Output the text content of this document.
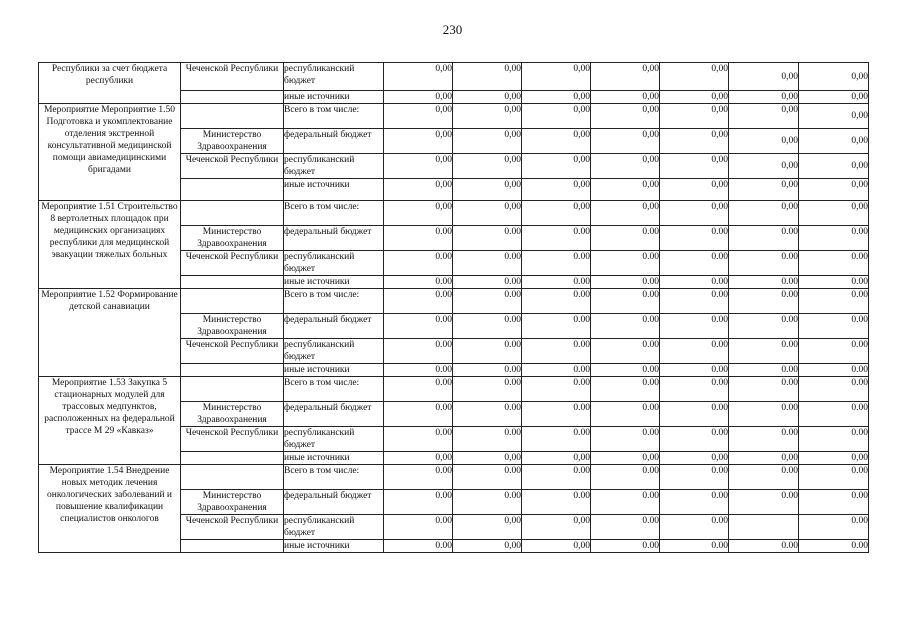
230
Республики за счет бюджета республики	Чеченской Республики	республиканский бюджет	0,00	0,00	0,00	0,00	0,00	0,00	0,00
		иные источники	0,00	0,00	0,00	0,00	0,00	0,00	0,00
Мероприятие Мероприятие 1.50 Подготовка и укомплектование отделения экстренной консультативной медицинской помощи авиамедицинскими бригадами		Всего в том числе:	0,00	0,00	0,00	0,00	0,00	0,00	0,00
	Министерство Здравоохранения	федеральный бюджет	0,00	0,00	0,00	0,00	0,00	0,00	0,00
	Чеченской Республики	республиканский бюджет	0,00	0,00	0,00	0,00	0,00	0,00	0,00
		иные источники	0,00	0,00	0,00	0,00	0,00	0,00	0,00
Мероприятие 1.51 Строительство 8 вертолетных площадок при медицинских организациях республики для медицинской эвакуации тяжелых больных		Всего в том числе:	0,00	0,00	0,00	0,00	0,00	0,00	0,00
	Министерство Здравоохранения	федеральный бюджет	0.00	0.00	0.00	0.00	0.00	0.00	0.00
	Чеченской Республики	республиканский бюджет	0.00	0.00	0.00	0.00	0.00	0.00	0.00
		иные источники	0.00	0.00	0.00	0.00	0.00	0.00	0.00
Мероприятие 1.52 Формирование детской санавиации		Всего в том числе:	0.00	0.00	0.00	0.00	0.00	0.00	0.00
	Министерство Здравоохранения	федеральный бюджет	0.00	0.00	0.00	0.00	0.00	0.00	0.00
	Чеченской Республики	республиканский бюджет	0.00	0.00	0.00	0.00	0.00	0.00	0.00
		иные источники	0.00	0.00	0.00	0.00	0.00	0.00	0.00
Мероприятие 1.53 Закупка 5 стационарных модулей для трассовых медпунктов, расположенных на федеральной трассе М 29 «Кавказ»		Всего в том числе:	0.00	0.00	0.00	0.00	0.00	0.00	0.00
	Министерство Здравоохранения	федеральный бюджет	0.00	0.00	0.00	0.00	0.00	0.00	0.00
	Чеченской Республики	республиканский бюджет	0.00	0.00	0.00	0.00	0.00	0.00	0.00
		иные источники	0,00	0,00	0,00	0,00	0,00	0,00	0,00
Мероприятие 1.54 Внедрение новых методик лечения онкологических заболеваний и повышение квалификации специалистов онкологов		Всего в том числе:	0.00	0.00	0.00	0.00	0.00	0.00	0.00
	Министерство Здравоохранения	федеральный бюджет	0.00	0.00	0.00	0.00	0.00	0.00	0.00
	Чеченской Республики	республиканский бюджет	0.00	0,00	0,00	0.00	0.00		0.00
		иные источники	0.00	0,00	0,00	0.00	0.00	0.00	0.00
